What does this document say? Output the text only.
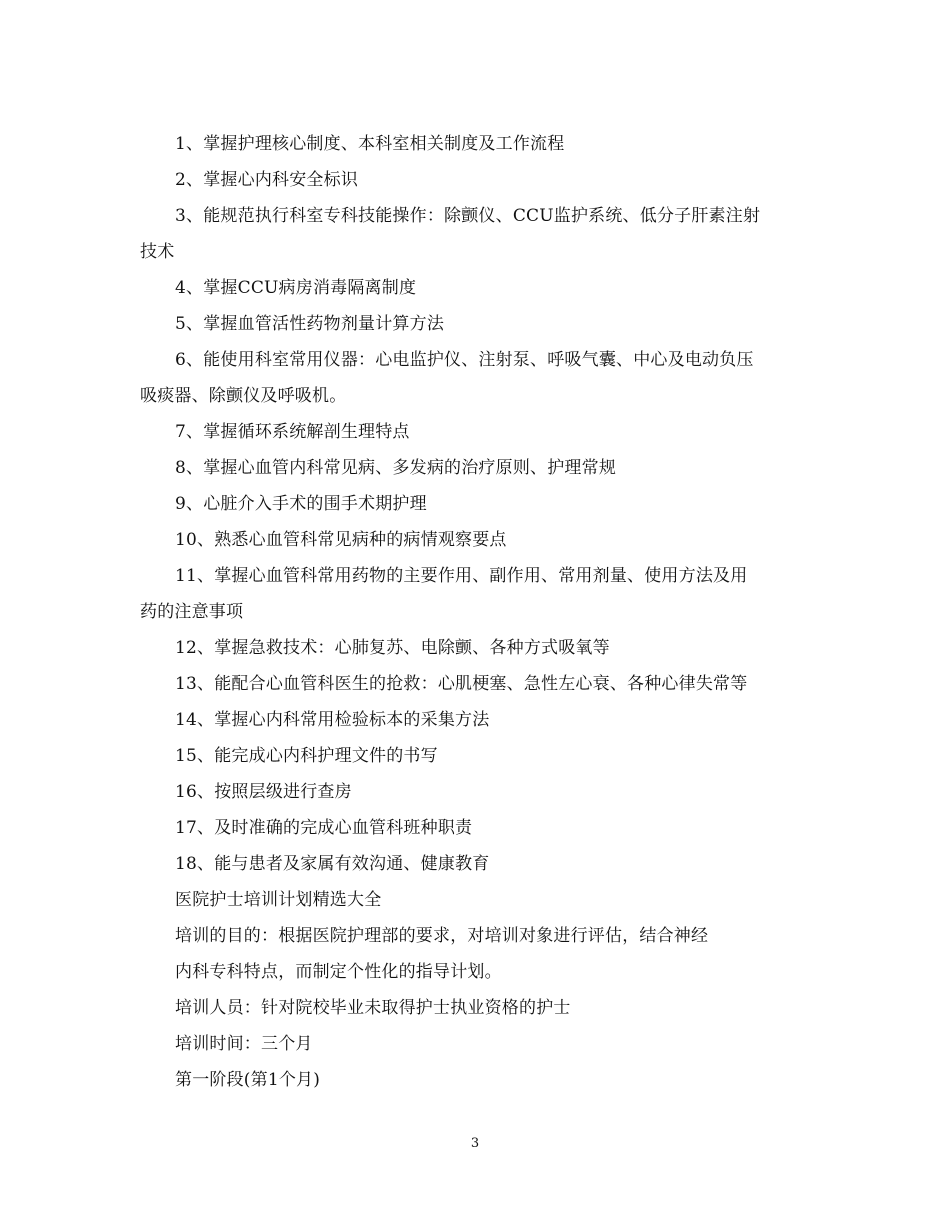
1、掌握护理核心制度、本科室相关制度及工作流程
2、掌握心内科安全标识
3、能规范执行科室专科技能操作：除颤仪、CCU监护系统、低分子肝素注射
技术
4、掌握CCU病房消毒隔离制度
5、掌握血管活性药物剂量计算方法
6、能使用科室常用仪器：心电监护仪、注射泵、呼吸气囊、中心及电动负压
吸痰器、除颤仪及呼吸机。
7、掌握循环系统解剖生理特点
8、掌握心血管内科常见病、多发病的治疗原则、护理常规
9、心脏介入手术的围手术期护理
10、熟悉心血管科常见病种的病情观察要点
11、掌握心血管科常用药物的主要作用、副作用、常用剂量、使用方法及用
药的注意事项
12、掌握急救技术：心肺复苏、电除颤、各种方式吸氧等
13、能配合心血管科医生的抢救：心肌梗塞、急性左心衰、各种心律失常等
14、掌握心内科常用检验标本的采集方法
15、能完成心内科护理文件的书写
16、按照层级进行查房
17、及时准确的完成心血管科班种职责
18、能与患者及家属有效沟通、健康教育
医院护士培训计划精选大全
培训的目的：根据医院护理部的要求，对培训对象进行评估，结合神经
内科专科特点，而制定个性化的指导计划。
培训人员：针对院校毕业未取得护士执业资格的护士
培训时间：三个月
第一阶段(第1个月)
3
